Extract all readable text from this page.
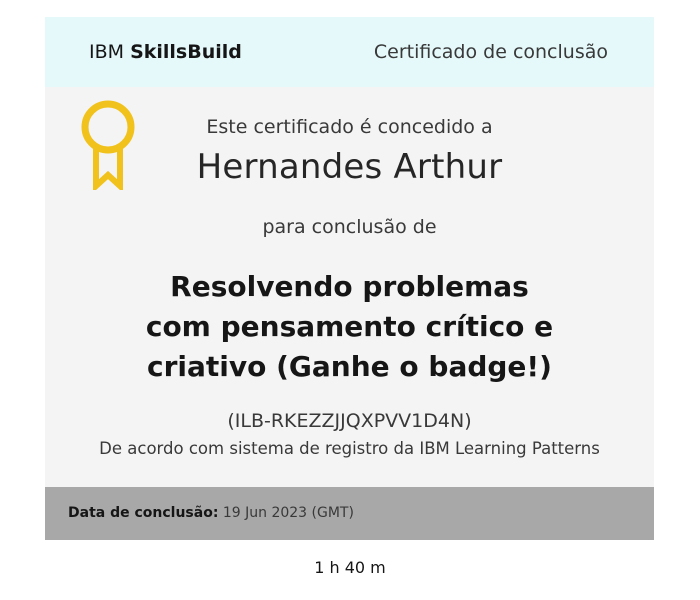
IBM SkillsBuild	Certificado de conclusão
Este certificado é concedido a
Hernandes Arthur
para conclusão de
Resolvendo problemas
com pensamento crítico e
criativo (Ganhe o badge!)
(ILB-RKEZZJJQXPVV1D4N)
De acordo com sistema de registro da IBM Learning Patterns
Data de conclusão: 19 Jun 2023 (GMT)
1 h 40 m
